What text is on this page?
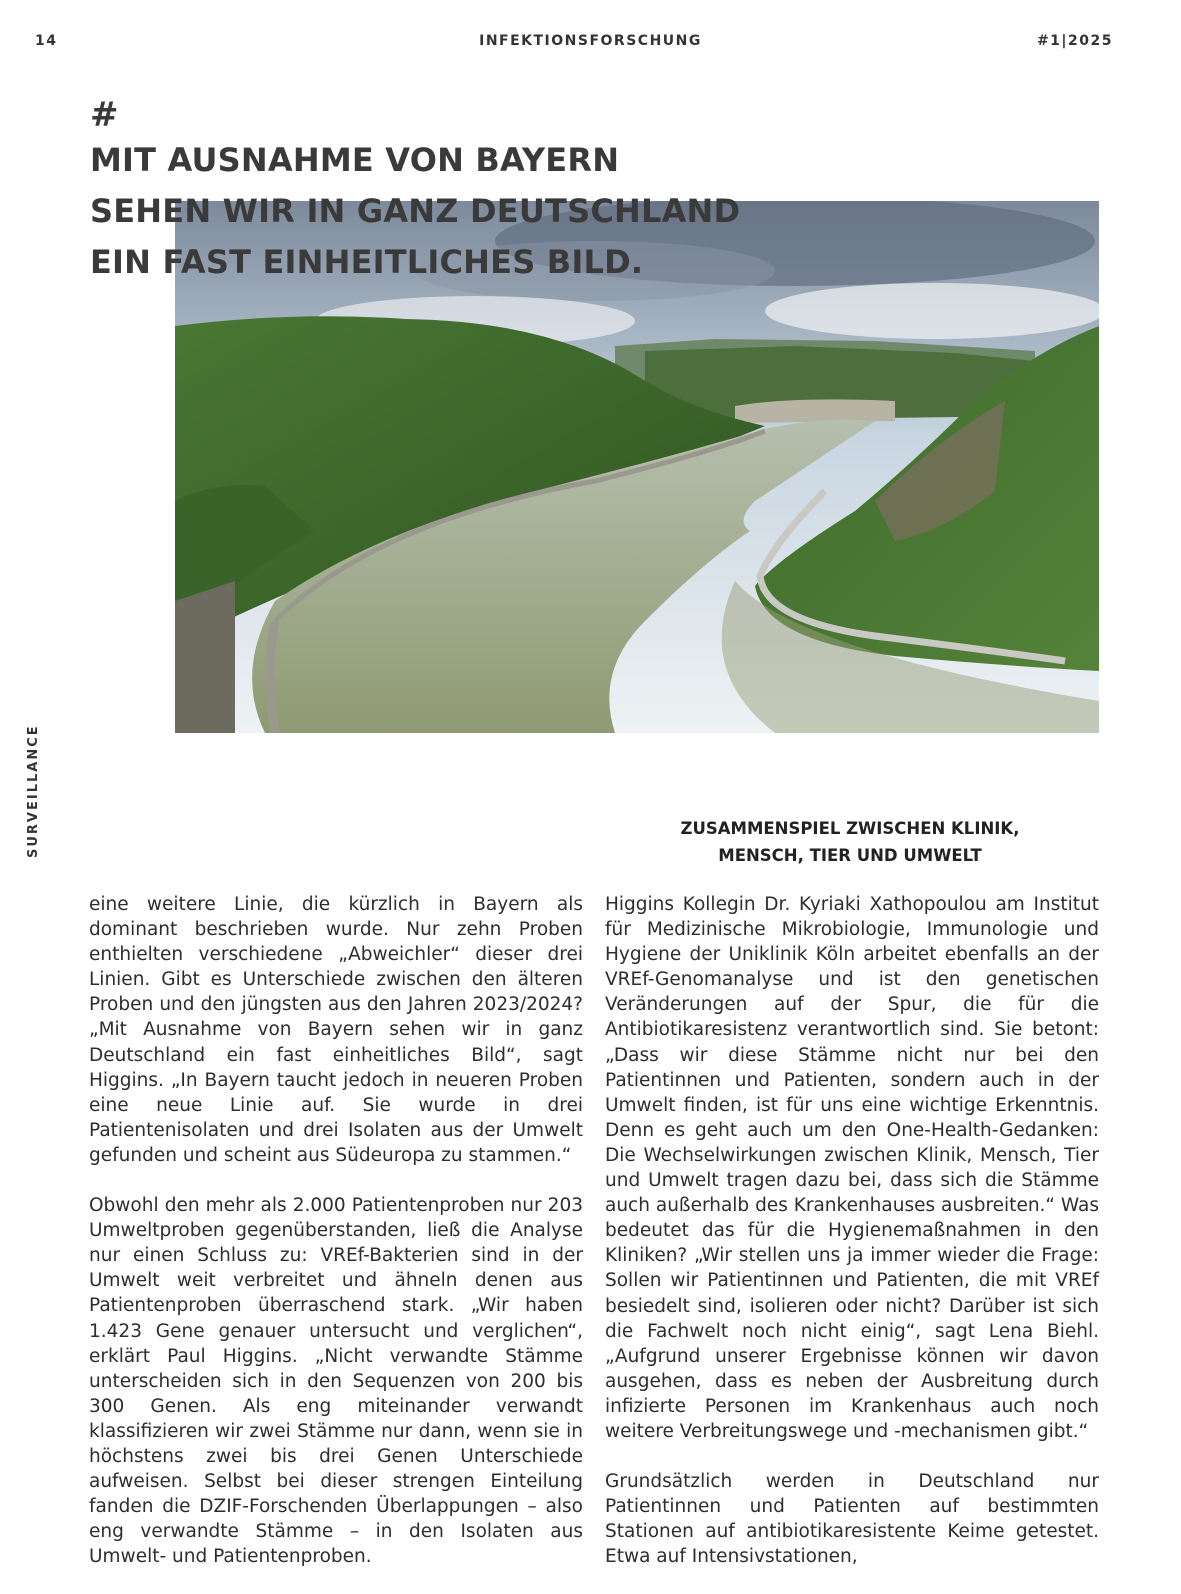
14	INFEKTIONSFORSCHUNG	#1|2025
#
MIT AUSNAHME VON BAYERN
SEHEN WIR IN GANZ DEUTSCHLAND
EIN FAST EINHEITLICHES BILD.
SURVEILLANCE	ZUSAMMENSPIEL ZWISCHEN KLINIK,
MENSCH, TIER UND UMWELT

eine weitere Linie, die kürzlich in Bayern als dominant beschrieben wurde. Nur zehn Proben enthielten verschiedene „Abweichler“ dieser drei Linien. Gibt es Unterschiede zwischen den älteren Proben und den jüngsten aus den Jahren 2023/2024? „Mit Ausnahme von Bayern sehen wir in ganz Deutschland ein fast einheitliches Bild“, sagt Higgins. „In Bayern taucht jedoch in neueren Proben eine neue Linie auf. Sie wurde in drei Patientenisolaten und drei Isolaten aus der Umwelt gefunden und scheint aus Südeuropa zu stammen.“

Obwohl den mehr als 2.000 Patientenproben nur 203 Umweltproben gegenüberstanden, ließ die Analyse nur einen Schluss zu: VREf-Bakterien sind in der Umwelt weit verbreitet und ähneln denen aus Patientenproben überraschend stark. „Wir haben 1.423 Gene genauer untersucht und verglichen“, erklärt Paul Higgins. „Nicht verwandte Stämme unterscheiden sich in den Sequenzen von 200 bis 300 Genen. Als eng miteinander verwandt klassifizieren wir zwei Stämme nur dann, wenn sie in höchstens zwei bis drei Genen Unterschiede aufweisen. Selbst bei dieser strengen Einteilung fanden die DZIF-Forschenden Überlappungen – also eng verwandte Stämme – in den Isolaten aus Umwelt- und Patientenproben.

Higgins Kollegin Dr. Kyriaki Xathopoulou am Institut für Medizinische Mikrobiologie, Immunologie und Hygiene der Uniklinik Köln arbeitet ebenfalls an der VREf-Genomanalyse und ist den genetischen Veränderungen auf der Spur, die für die Antibiotikaresistenz verantwortlich sind. Sie betont: „Dass wir diese Stämme nicht nur bei den Patientinnen und Patienten, sondern auch in der Umwelt finden, ist für uns eine wichtige Erkenntnis. Denn es geht auch um den One-Health-Gedanken: Die Wechselwirkungen zwischen Klinik, Mensch, Tier und Umwelt tragen dazu bei, dass sich die Stämme auch außerhalb des Krankenhauses ausbreiten.“ Was bedeutet das für die Hygienemaßnahmen in den Kliniken? „Wir stellen uns ja immer wieder die Frage: Sollen wir Patientinnen und Patienten, die mit VREf besiedelt sind, isolieren oder nicht? Darüber ist sich die Fachwelt noch nicht einig“, sagt Lena Biehl. „Aufgrund unserer Ergebnisse können wir davon ausgehen, dass es neben der Ausbreitung durch infizierte Personen im Krankenhaus auch noch weitere Verbreitungswege und -mechanismen gibt.“

Grundsätzlich werden in Deutschland nur Patientinnen und Patienten auf bestimmten Stationen auf antibiotikaresistente Keime getestet. Etwa auf Intensivstationen,
